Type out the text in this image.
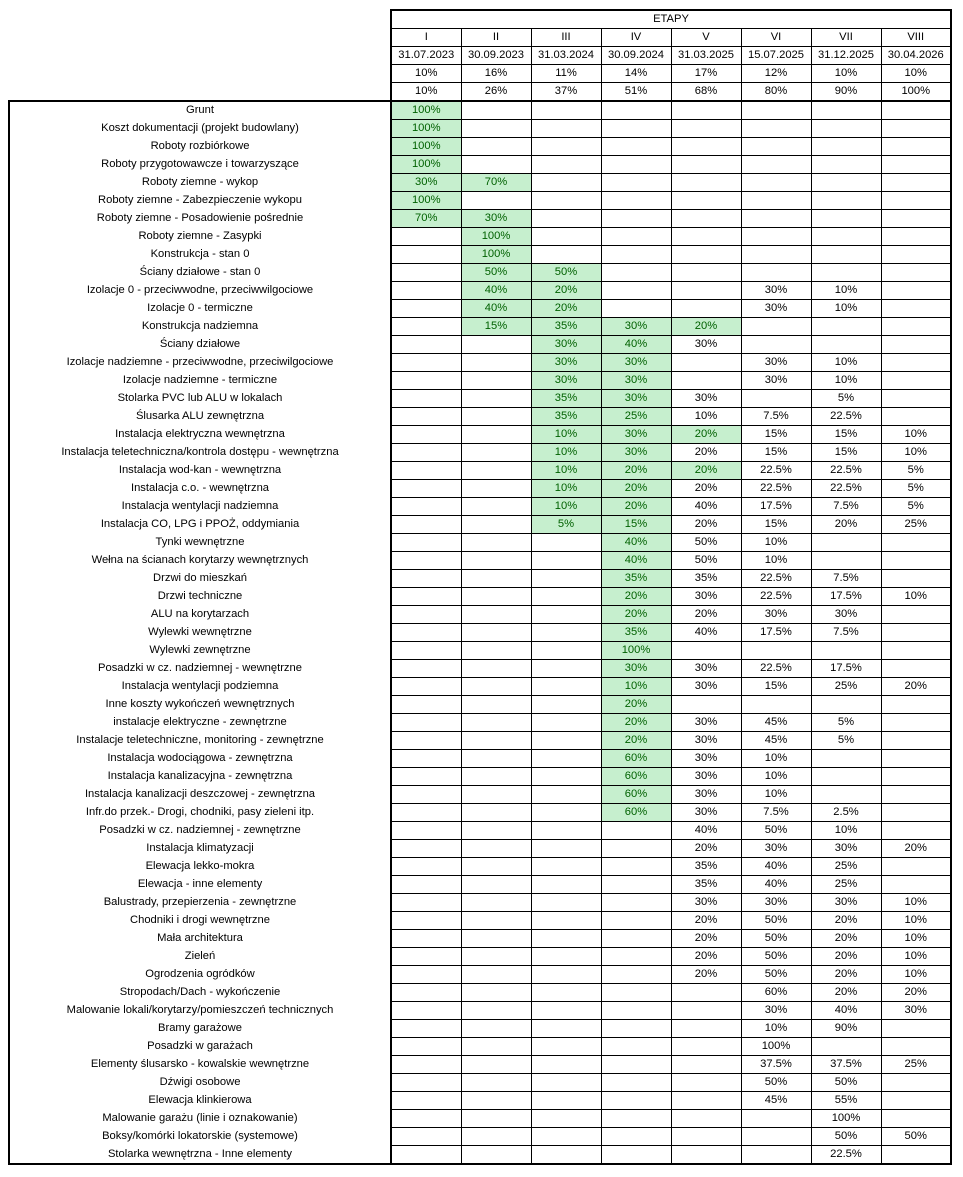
	ETAPY							
	I	II	III	IV	V	VI	VII	VIII
	31.07.2023	30.09.2023	31.03.2024	30.09.2024	31.03.2025	15.07.2025	31.12.2025	30.04.2026
	10%	16%	11%	14%	17%	12%	10%	10%
	10%	26%	37%	51%	68%	80%	90%	100%
Grunt	100%							
Koszt dokumentacji (projekt budowlany)	100%							
Roboty rozbiórkowe	100%							
Roboty przygotowawcze i towarzyszące	100%							
Roboty ziemne - wykop	30%	70%						
Roboty ziemne - Zabezpieczenie wykopu	100%							
Roboty ziemne - Posadowienie pośrednie	70%	30%						
Roboty ziemne - Zasypki		100%						
Konstrukcja - stan 0		100%						
Ściany działowe - stan 0		50%	50%					
Izolacje 0 - przeciwwodne, przeciwwilgociowe		40%	20%			30%	10%	
Izolacje 0 - termiczne		40%	20%			30%	10%	
Konstrukcja nadziemna		15%	35%	30%	20%			
Ściany działowe			30%	40%	30%			
Izolacje nadziemne - przeciwwodne, przeciwilgociowe			30%	30%		30%	10%	
Izolacje nadziemne - termiczne			30%	30%		30%	10%	
Stolarka PVC lub ALU w lokalach			35%	30%	30%		5%	
Ślusarka ALU zewnętrzna			35%	25%	10%	7.5%	22.5%	
Instalacja elektryczna wewnętrzna			10%	30%	20%	15%	15%	10%
Instalacja teletechniczna/kontrola dostępu - wewnętrzna			10%	30%	20%	15%	15%	10%
Instalacja wod-kan - wewnętrzna			10%	20%	20%	22.5%	22.5%	5%
Instalacja c.o. - wewnętrzna			10%	20%	20%	22.5%	22.5%	5%
Instalacja wentylacji nadziemna			10%	20%	40%	17.5%	7.5%	5%
Instalacja CO, LPG i PPOŻ, oddymiania			5%	15%	20%	15%	20%	25%
Tynki wewnętrzne				40%	50%	10%		
Wełna na ścianach korytarzy wewnętrznych				40%	50%	10%		
Drzwi do mieszkań				35%	35%	22.5%	7.5%	
Drzwi techniczne				20%	30%	22.5%	17.5%	10%
ALU na korytarzach				20%	20%	30%	30%	
Wylewki wewnętrzne				35%	40%	17.5%	7.5%	
Wylewki zewnętrzne				100%				
Posadzki w cz. nadziemnej - wewnętrzne				30%	30%	22.5%	17.5%	
Instalacja wentylacji podziemna				10%	30%	15%	25%	20%
Inne koszty wykończeń wewnętrznych				20%				
instalacje elektryczne - zewnętrzne				20%	30%	45%	5%	
Instalacje teletechniczne, monitoring - zewnętrzne				20%	30%	45%	5%	
Instalacja wodociągowa - zewnętrzna				60%	30%	10%		
Instalacja kanalizacyjna - zewnętrzna				60%	30%	10%		
Instalacja kanalizacji deszczowej - zewnętrzna				60%	30%	10%		
Infr.do przek.- Drogi, chodniki, pasy zieleni itp.				60%	30%	7.5%	2.5%	
Posadzki w cz. nadziemnej - zewnętrzne					40%	50%	10%	
Instalacja klimatyzacji					20%	30%	30%	20%
Elewacja lekko-mokra					35%	40%	25%	
Elewacja - inne elementy					35%	40%	25%	
Balustrady, przepierzenia - zewnętrzne					30%	30%	30%	10%
Chodniki i drogi wewnętrzne					20%	50%	20%	10%
Mała architektura					20%	50%	20%	10%
Zieleń					20%	50%	20%	10%
Ogrodzenia ogródków					20%	50%	20%	10%
Stropodach/Dach - wykończenie						60%	20%	20%
Malowanie lokali/korytarzy/pomieszczeń technicznych						30%	40%	30%
Bramy garażowe						10%	90%	
Posadzki w garażach						100%		
Elementy ślusarsko - kowalskie wewnętrzne						37.5%	37.5%	25%
Dźwigi osobowe						50%	50%	
Elewacja klinkierowa						45%	55%	
Malowanie garażu (linie i oznakowanie)							100%	
Boksy/komórki lokatorskie (systemowe)							50%	50%
Stolarka wewnętrzna - Inne elementy							22.5%	
